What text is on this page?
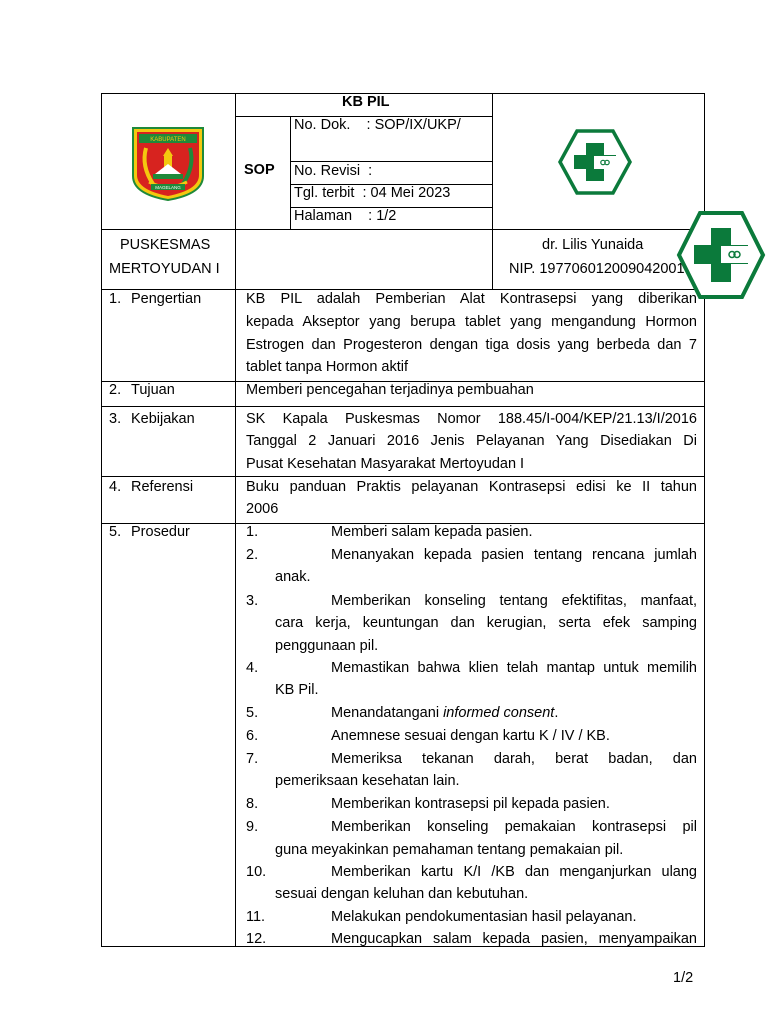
KABUPATEN
MAGELANG
KB PIL
SOP
No. Dok.    : SOP/IX/UKP/
No. Revisi  :
Tgl. terbit  : 04 Mei 2023
Halaman    : 1/2
PUSKESMAS
MERTOYUDAN I
dr. Lilis Yunaida
NIP. 197706012009042001
1. Pengertian	KB PIL adalah Pemberian Alat Kontrasepsi yang diberikan
kepada Akseptor yang berupa tablet yang mengandung Hormon
Estrogen dan Progesteron dengan tiga dosis yang berbeda dan 7
tablet tanpa Hormon aktif
2. Tujuan	Memberi pencegahan terjadinya pembuahan
3. Kebijakan	SK Kapala Puskesmas Nomor 188.45/I-004/KEP/21.13/I/2016
Tanggal 2 Januari 2016 Jenis Pelayanan Yang Disediakan Di
Pusat Kesehatan Masyarakat Mertoyudan I
4. Referensi	Buku panduan Praktis pelayanan Kontrasepsi edisi ke II tahun
2006
5. Prosedur	1.	Memberi salam kepada pasien.
2.	Menanyakan kepada pasien tentang rencana jumlah
anak.
3.	Memberikan konseling tentang efektifitas, manfaat,
cara kerja, keuntungan dan kerugian, serta efek samping
penggunaan pil.
4.	Memastikan bahwa klien telah mantap untuk memilih
KB Pil.
5.	Menandatangani informed consent.
6.	Anemnese sesuai dengan kartu K / IV / KB.
7.	Memeriksa tekanan darah, berat badan, dan
pemeriksaan kesehatan lain.
8.	Memberikan kontrasepsi pil kepada pasien.
9.	Memberikan konseling pemakaian kontrasepsi pil
guna meyakinkan pemahaman tentang pemakaian pil.
10.	Memberikan kartu K/I /KB dan menganjurkan ulang
sesuai dengan keluhan dan kebutuhan.
11.	Melakukan pendokumentasian hasil pelayanan.
12.	Mengucapkan salam kepada pasien, menyampaikan
1/2
